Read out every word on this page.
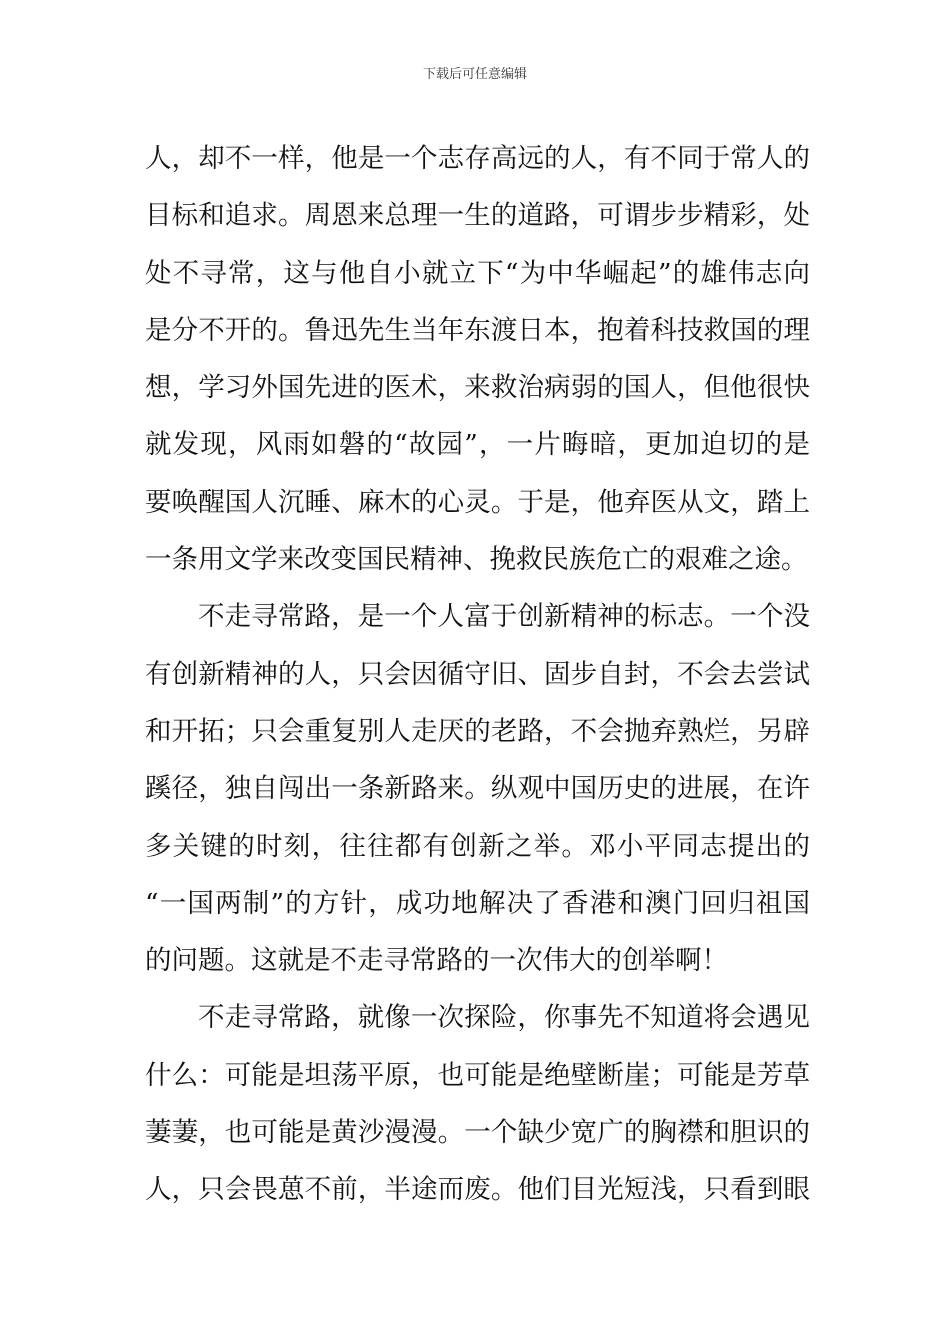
下载后可任意编辑
人，却不一样，他是一个志存高远的人，有不同于常人的
目标和追求。周恩来总理一生的道路，可谓步步精彩，处
处不寻常，这与他自小就立下“为中华崛起”的雄伟志向
是分不开的。鲁迅先生当年东渡日本，抱着科技救国的理
想，学习外国先进的医术，来救治病弱的国人，但他很快
就发现，风雨如磐的“故园”，一片晦暗，更加迫切的是
要唤醒国人沉睡、麻木的心灵。于是，他弃医从文，踏上
一条用文学来改变国民精神、挽救民族危亡的艰难之途。
不走寻常路，是一个人富于创新精神的标志。一个没
有创新精神的人，只会因循守旧、固步自封，不会去尝试
和开拓；只会重复别人走厌的老路，不会抛弃熟烂，另辟
蹊径，独自闯出一条新路来。纵观中国历史的进展，在许
多关键的时刻，往往都有创新之举。邓小平同志提出的
“一国两制”的方针，成功地解决了香港和澳门回归祖国
的问题。这就是不走寻常路的一次伟大的创举啊！
不走寻常路，就像一次探险，你事先不知道将会遇见
什么：可能是坦荡平原，也可能是绝壁断崖；可能是芳草
萋萋，也可能是黄沙漫漫。一个缺少宽广的胸襟和胆识的
人，只会畏葸不前，半途而废。他们目光短浅，只看到眼
